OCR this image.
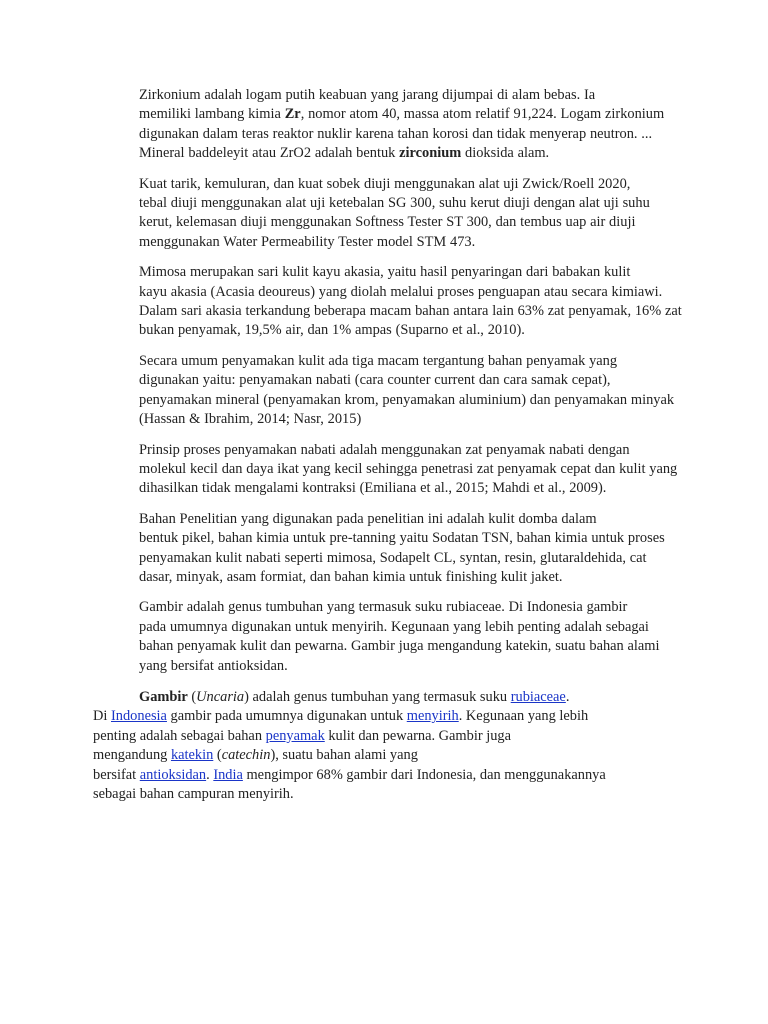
Zirkonium adalah logam putih keabuan yang jarang dijumpai di alam bebas. Ia
memiliki lambang kimia Zr, nomor atom 40, massa atom relatif 91,224. Logam zirkonium
digunakan dalam teras reaktor nuklir karena tahan korosi dan tidak menyerap neutron. ...
Mineral baddeleyit atau ZrO2 adalah bentuk zirconium dioksida alam.

Kuat tarik, kemuluran, dan kuat sobek diuji menggunakan alat uji Zwick/Roell 2020,
tebal diuji menggunakan alat uji ketebalan SG 300, suhu kerut diuji dengan alat uji suhu
kerut, kelemasan diuji menggunakan Softness Tester ST 300, dan tembus uap air diuji
menggunakan Water Permeability Tester model STM 473.

Mimosa merupakan sari kulit kayu akasia, yaitu hasil penyaringan dari babakan kulit
kayu akasia (Acasia deoureus) yang diolah melalui proses penguapan atau secara kimiawi.
Dalam sari akasia terkandung beberapa macam bahan antara lain 63% zat penyamak, 16% zat
bukan penyamak, 19,5% air, dan 1% ampas (Suparno et al., 2010).

Secara umum penyamakan kulit ada tiga macam tergantung bahan penyamak yang
digunakan yaitu: penyamakan nabati (cara counter current dan cara samak cepat),
penyamakan mineral (penyamakan krom, penyamakan aluminium) dan penyamakan minyak
(Hassan & Ibrahim, 2014; Nasr, 2015)

Prinsip proses penyamakan nabati adalah menggunakan zat penyamak nabati dengan
molekul kecil dan daya ikat yang kecil sehingga penetrasi zat penyamak cepat dan kulit yang
dihasilkan tidak mengalami kontraksi (Emiliana et al., 2015; Mahdi et al., 2009).

Bahan Penelitian yang digunakan pada penelitian ini adalah kulit domba dalam
bentuk pikel, bahan kimia untuk pre-tanning yaitu Sodatan TSN, bahan kimia untuk proses
penyamakan kulit nabati seperti mimosa, Sodapelt CL, syntan, resin, glutaraldehida, cat
dasar, minyak, asam formiat, dan bahan kimia untuk finishing kulit jaket.

Gambir adalah genus tumbuhan yang termasuk suku rubiaceae. Di Indonesia gambir
pada umumnya digunakan untuk menyirih. Kegunaan yang lebih penting adalah sebagai
bahan penyamak kulit dan pewarna. Gambir juga mengandung katekin, suatu bahan alami
yang bersifat antioksidan.

Gambir (Uncaria) adalah genus tumbuhan yang termasuk suku rubiaceae.
Di Indonesia gambir pada umumnya digunakan untuk menyirih. Kegunaan yang lebih
penting adalah sebagai bahan penyamak kulit dan pewarna. Gambir juga
mengandung katekin (catechin), suatu bahan alami yang
bersifat antioksidan. India mengimpor 68% gambir dari Indonesia, dan menggunakannya
sebagai bahan campuran menyirih.
